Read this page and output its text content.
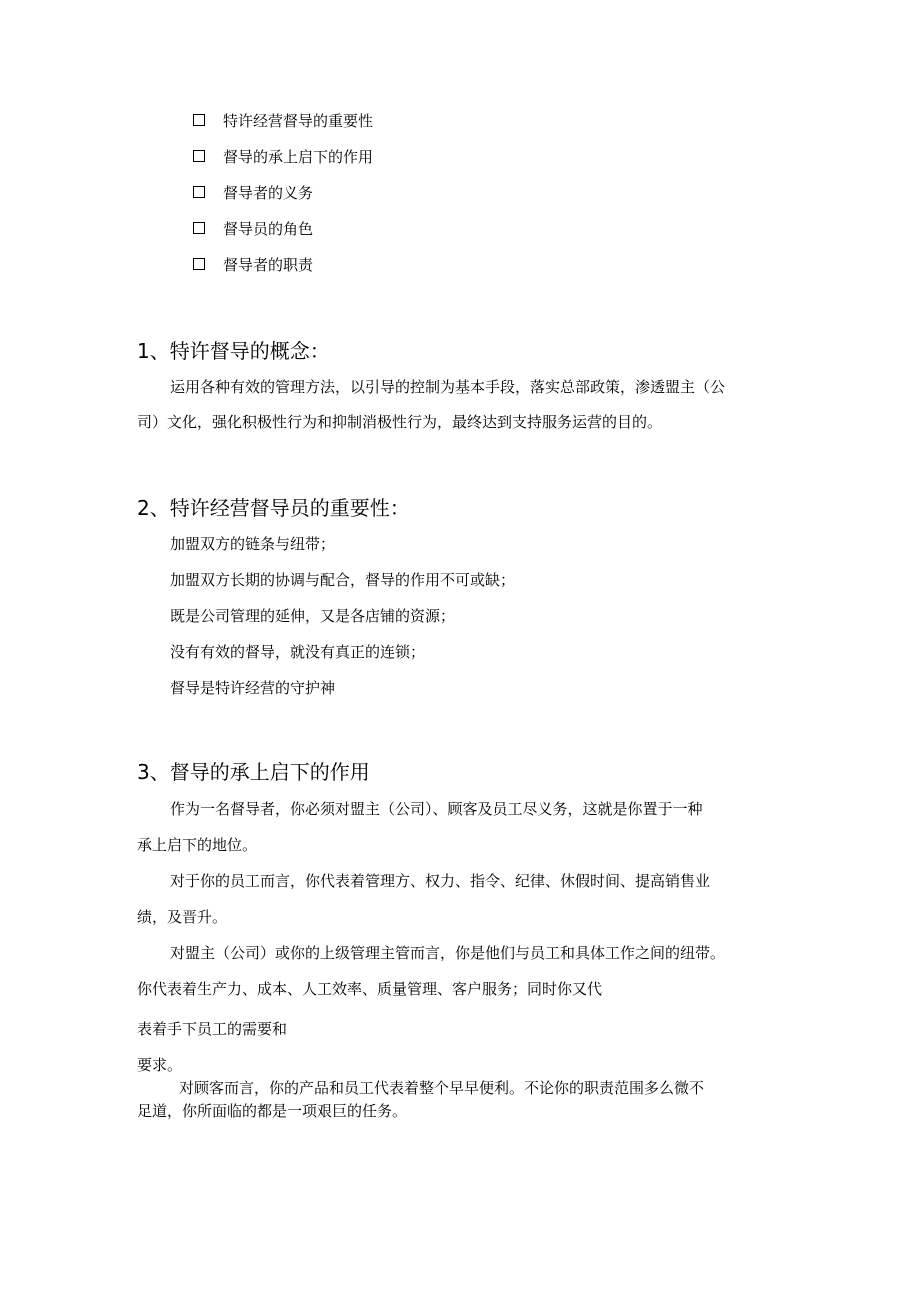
特许经营督导的重要性
督导的承上启下的作用
督导者的义务
督导员的角色
督导者的职责
1、特许督导的概念：
运用各种有效的管理方法，以引导的控制为基本手段，落实总部政策，渗透盟主（公
司）文化，强化积极性行为和抑制消极性行为，最终达到支持服务运营的目的。
2、特许经营督导员的重要性：
加盟双方的链条与纽带；
加盟双方长期的协调与配合，督导的作用不可或缺；
既是公司管理的延伸，又是各店铺的资源；
没有有效的督导，就没有真正的连锁；
督导是特许经营的守护神
3、督导的承上启下的作用
作为一名督导者，你必须对盟主（公司）、顾客及员工尽义务，这就是你置于一种
承上启下的地位。
对于你的员工而言，你代表着管理方、权力、指令、纪律、休假时间、提高销售业
绩，及晋升。
对盟主（公司）或你的上级管理主管而言，你是他们与员工和具体工作之间的纽带。
你代表着生产力、成本、人工效率、质量管理、客户服务；同时你又代
表着手下员工的需要和
要求。
对顾客而言，你的产品和员工代表着整个早早便利。不论你的职责范围多么微不
足道，你所面临的都是一项艰巨的任务。
